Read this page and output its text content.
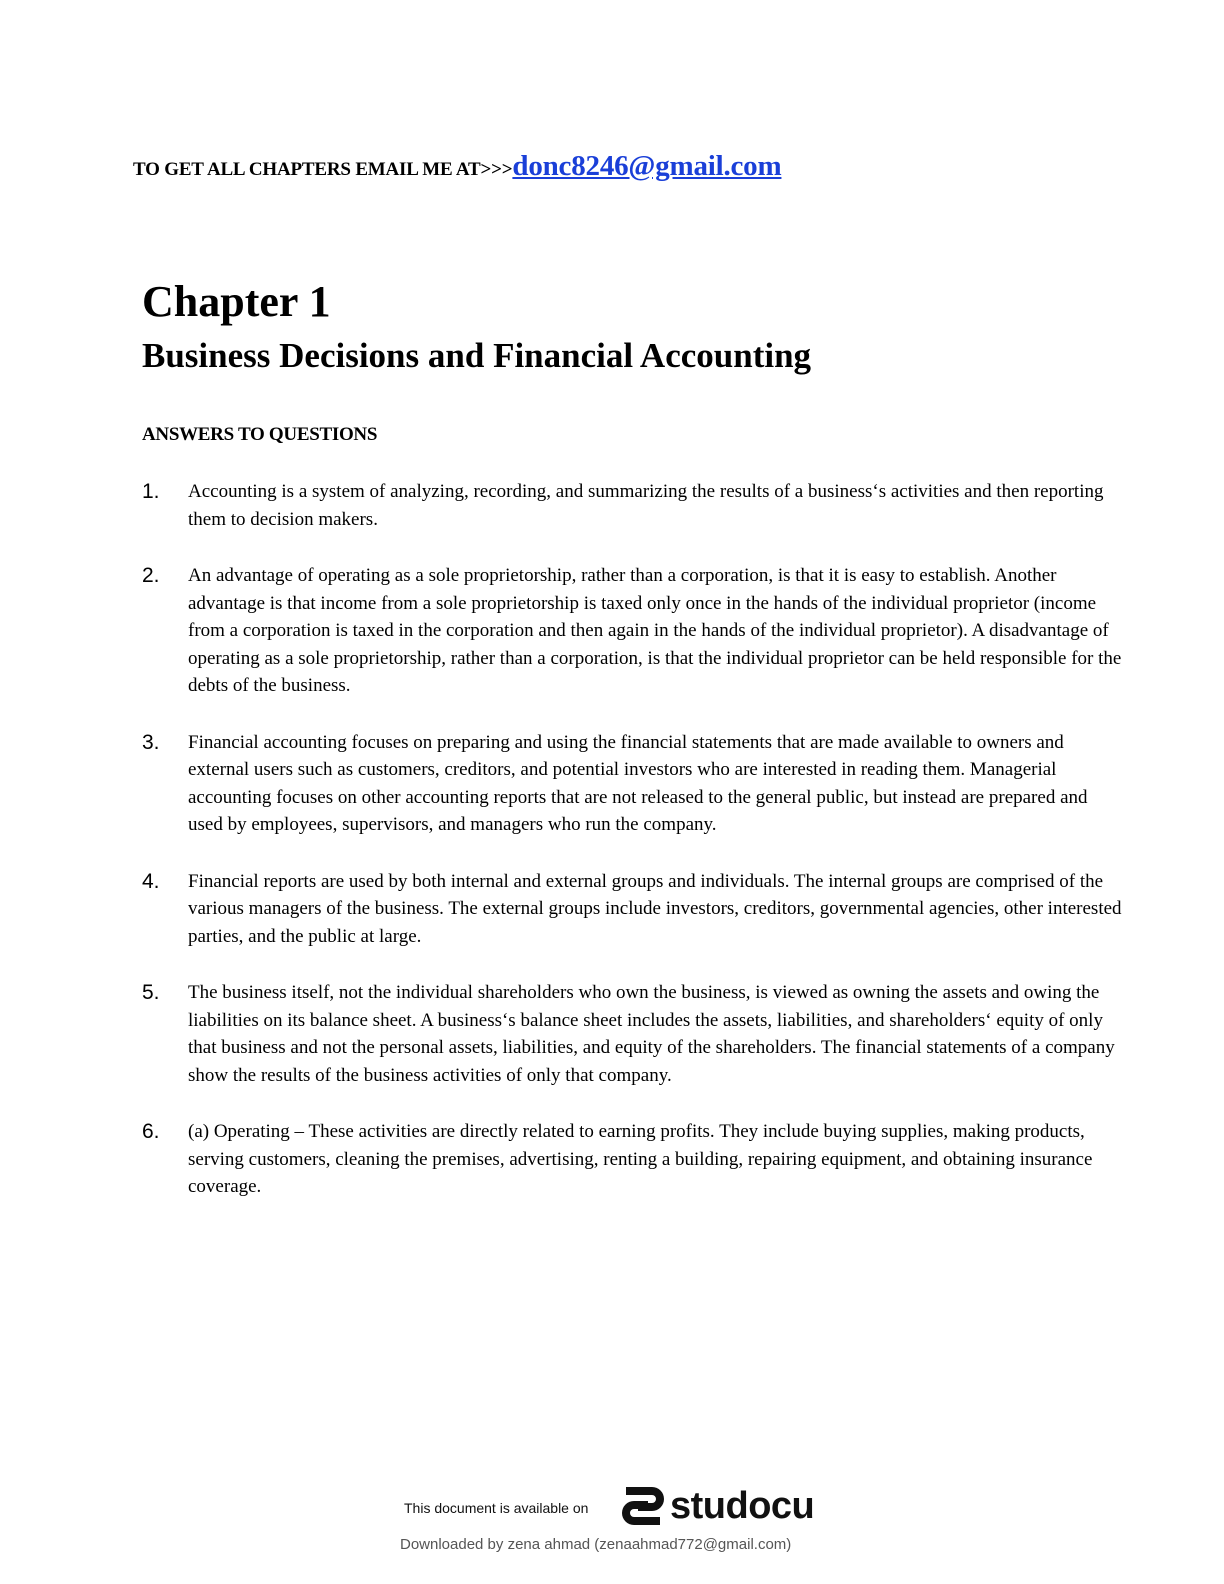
TO GET ALL CHAPTERS EMAIL ME AT>>>donc8246@gmail.com
Chapter 1
Business Decisions and Financial Accounting
ANSWERS TO QUESTIONS
1. Accounting is a system of analyzing, recording, and summarizing the results of a business‘s activities and then reporting them to decision makers.
2. An advantage of operating as a sole proprietorship, rather than a corporation, is that it is easy to establish. Another advantage is that income from a sole proprietorship is taxed only once in the hands of the individual proprietor (income from a corporation is taxed in the corporation and then again in the hands of the individual proprietor). A disadvantage of operating as a sole proprietorship, rather than a corporation, is that the individual proprietor can be held responsible for the debts of the business.
3. Financial accounting focuses on preparing and using the financial statements that are made available to owners and external users such as customers, creditors, and potential investors who are interested in reading them. Managerial accounting focuses on other accounting reports that are not released to the general public, but instead are prepared and used by employees, supervisors, and managers who run the company.
4. Financial reports are used by both internal and external groups and individuals. The internal groups are comprised of the various managers of the business. The external groups include investors, creditors, governmental agencies, other interested parties, and the public at large.
5. The business itself, not the individual shareholders who own the business, is viewed as owning the assets and owing the liabilities on its balance sheet. A business‘s balance sheet includes the assets, liabilities, and shareholders‘ equity of only that business and not the personal assets, liabilities, and equity of the shareholders. The financial statements of a company show the results of the business activities of only that company.
6. (a) Operating – These activities are directly related to earning profits. They include buying supplies, making products, serving customers, cleaning the premises, advertising, renting a building, repairing equipment, and obtaining insurance coverage.
This document is available on studocu
Downloaded by zena ahmad (zenaahmad772@gmail.com)
